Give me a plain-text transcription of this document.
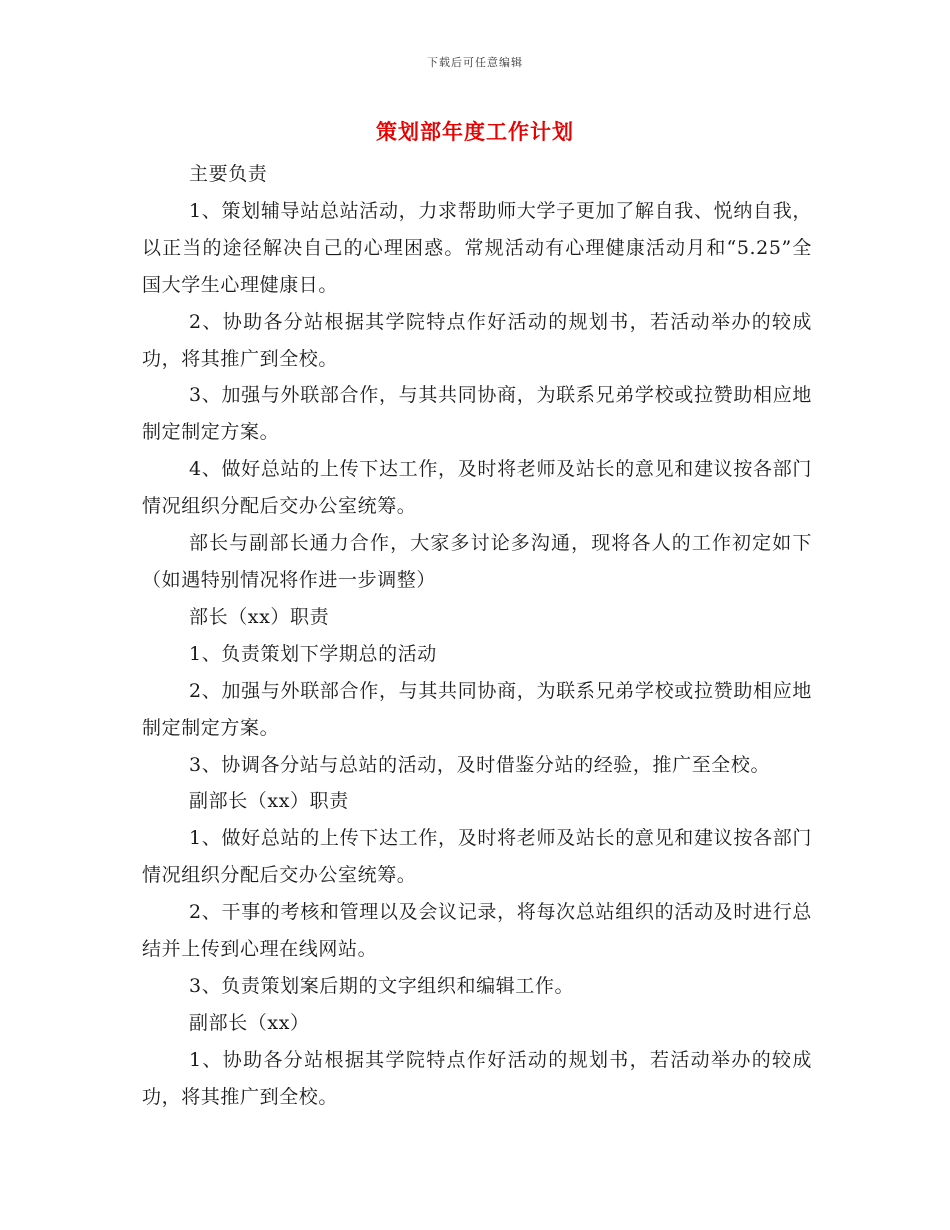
下载后可任意编辑
策划部年度工作计划

主要负责

1、策划辅导站总站活动，力求帮助师大学子更加了解自我、悦纳自我，以正当的途径解决自己的心理困惑。常规活动有心理健康活动月和“5.25”全国大学生心理健康日。

2、协助各分站根据其学院特点作好活动的规划书，若活动举办的较成功，将其推广到全校。

3、加强与外联部合作，与其共同协商，为联系兄弟学校或拉赞助相应地制定制定方案。

4、做好总站的上传下达工作，及时将老师及站长的意见和建议按各部门情况组织分配后交办公室统筹。

部长与副部长通力合作，大家多讨论多沟通，现将各人的工作初定如下（如遇特别情况将作进一步调整）

部长（xx）职责

1、负责策划下学期总的活动

2、加强与外联部合作，与其共同协商，为联系兄弟学校或拉赞助相应地制定制定方案。

3、协调各分站与总站的活动，及时借鉴分站的经验，推广至全校。

副部长（xx）职责

1、做好总站的上传下达工作，及时将老师及站长的意见和建议按各部门情况组织分配后交办公室统筹。

2、干事的考核和管理以及会议记录，将每次总站组织的活动及时进行总结并上传到心理在线网站。

3、负责策划案后期的文字组织和编辑工作。

副部长（xx）

1、协助各分站根据其学院特点作好活动的规划书，若活动举办的较成功，将其推广到全校。
